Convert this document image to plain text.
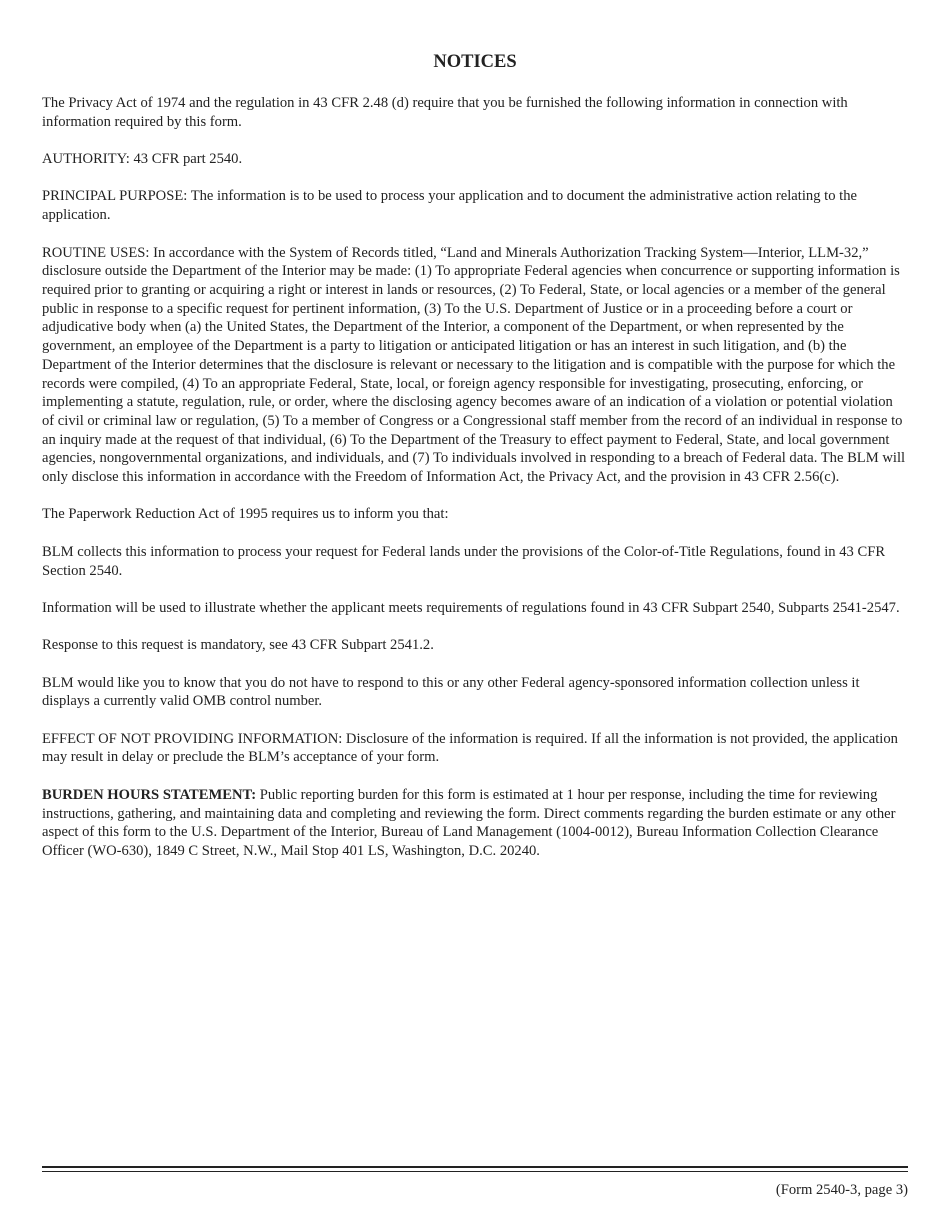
NOTICES

The Privacy Act of 1974 and the regulation in 43 CFR 2.48 (d) require that you be furnished the following information in connection with information required by this form.

AUTHORITY: 43 CFR part 2540.

PRINCIPAL PURPOSE: The information is to be used to process your application and to document the administrative action relating to the application.

ROUTINE USES: In accordance with the System of Records titled, “Land and Minerals Authorization Tracking System—Interior, LLM-32,” disclosure outside the Department of the Interior may be made: (1) To appropriate Federal agencies when concurrence or supporting information is required prior to granting or acquiring a right or interest in lands or resources, (2) To Federal, State, or local agencies or a member of the general public in response to a specific request for pertinent information, (3) To the U.S. Department of Justice or in a proceeding before a court or adjudicative body when (a) the United States, the Department of the Interior, a component of the Department, or when represented by the government, an employee of the Department is a party to litigation or anticipated litigation or has an interest in such litigation, and (b) the Department of the Interior determines that the disclosure is relevant or necessary to the litigation and is compatible with the purpose for which the records were compiled, (4) To an appropriate Federal, State, local, or foreign agency responsible for investigating, prosecuting, enforcing, or implementing a statute, regulation, rule, or order, where the disclosing agency becomes aware of an indication of a violation or potential violation of civil or criminal law or regulation, (5) To a member of Congress or a Congressional staff member from the record of an individual in response to an inquiry made at the request of that individual, (6) To the Department of the Treasury to effect payment to Federal, State, and local government agencies, nongovernmental organizations, and individuals, and (7) To individuals involved in responding to a breach of Federal data. The BLM will only disclose this information in accordance with the Freedom of Information Act, the Privacy Act, and the provision in 43 CFR 2.56(c).

The Paperwork Reduction Act of 1995 requires us to inform you that:

BLM collects this information to process your request for Federal lands under the provisions of the Color-of-Title Regulations, found in 43 CFR Section 2540.

Information will be used to illustrate whether the applicant meets requirements of regulations found in 43 CFR Subpart 2540, Subparts 2541-2547.

Response to this request is mandatory, see 43 CFR Subpart 2541.2.

BLM would like you to know that you do not have to respond to this or any other Federal agency-sponsored information collection unless it displays a currently valid OMB control number.

EFFECT OF NOT PROVIDING INFORMATION: Disclosure of the information is required. If all the information is not provided, the application may result in delay or preclude the BLM’s acceptance of your form.

BURDEN HOURS STATEMENT: Public reporting burden for this form is estimated at 1 hour per response, including the time for reviewing instructions, gathering, and maintaining data and completing and reviewing the form. Direct comments regarding the burden estimate or any other aspect of this form to the U.S. Department of the Interior, Bureau of Land Management (1004-0012), Bureau Information Collection Clearance Officer (WO-630), 1849 C Street, N.W., Mail Stop 401 LS, Washington, D.C. 20240.

(Form 2540-3, page 3)
